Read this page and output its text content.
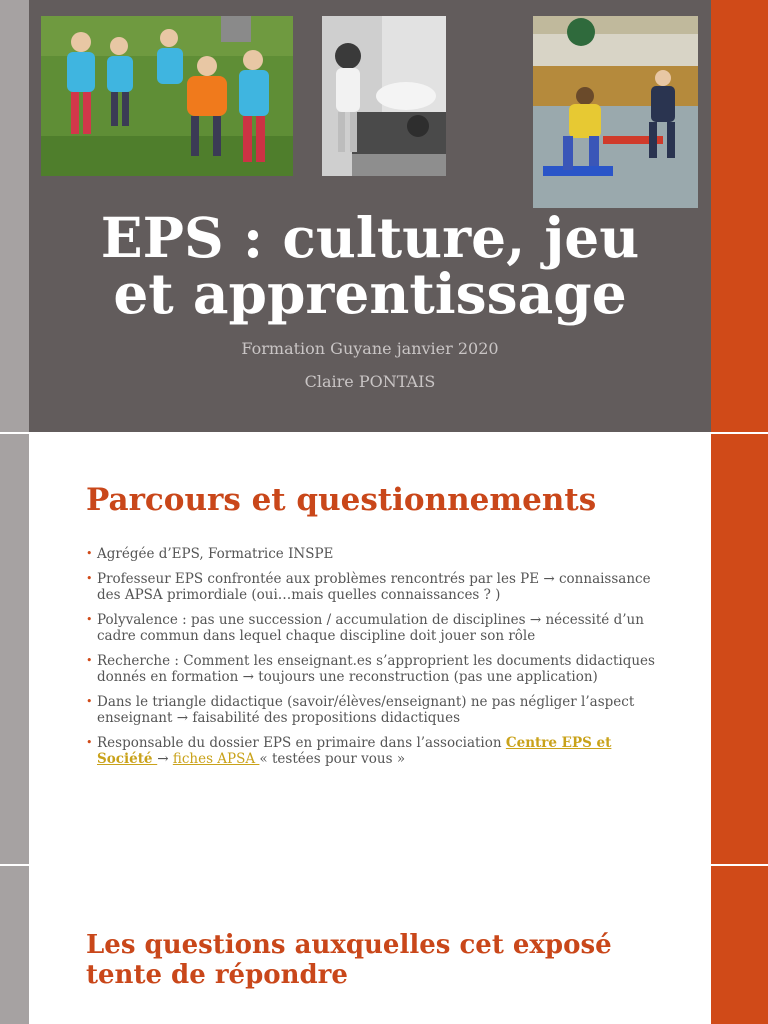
EPS : culture, jeu
et apprentissage

Formation Guyane janvier 2020

Claire PONTAIS

Parcours et questionnements
• Agrégée d’EPS, Formatrice INSPE
• Professeur EPS confrontée aux problèmes rencontrés par les PE → connaissance des APSA primordiale (oui…mais quelles connaissances ? )
• Polyvalence : pas une succession / accumulation de disciplines → nécessité d’un cadre commun dans lequel chaque discipline doit jouer son rôle
• Recherche : Comment les enseignant.es s’approprient les documents didactiques donnés en formation → toujours une reconstruction (pas une application)
• Dans le triangle didactique (savoir/élèves/enseignant) ne pas négliger l’aspect enseignant → faisabilité des propositions didactiques
• Responsable du dossier EPS en primaire dans l’association Centre EPS et Société → fiches APSA « testées pour vous »
Les questions auxquelles cet exposé tente de répondre
